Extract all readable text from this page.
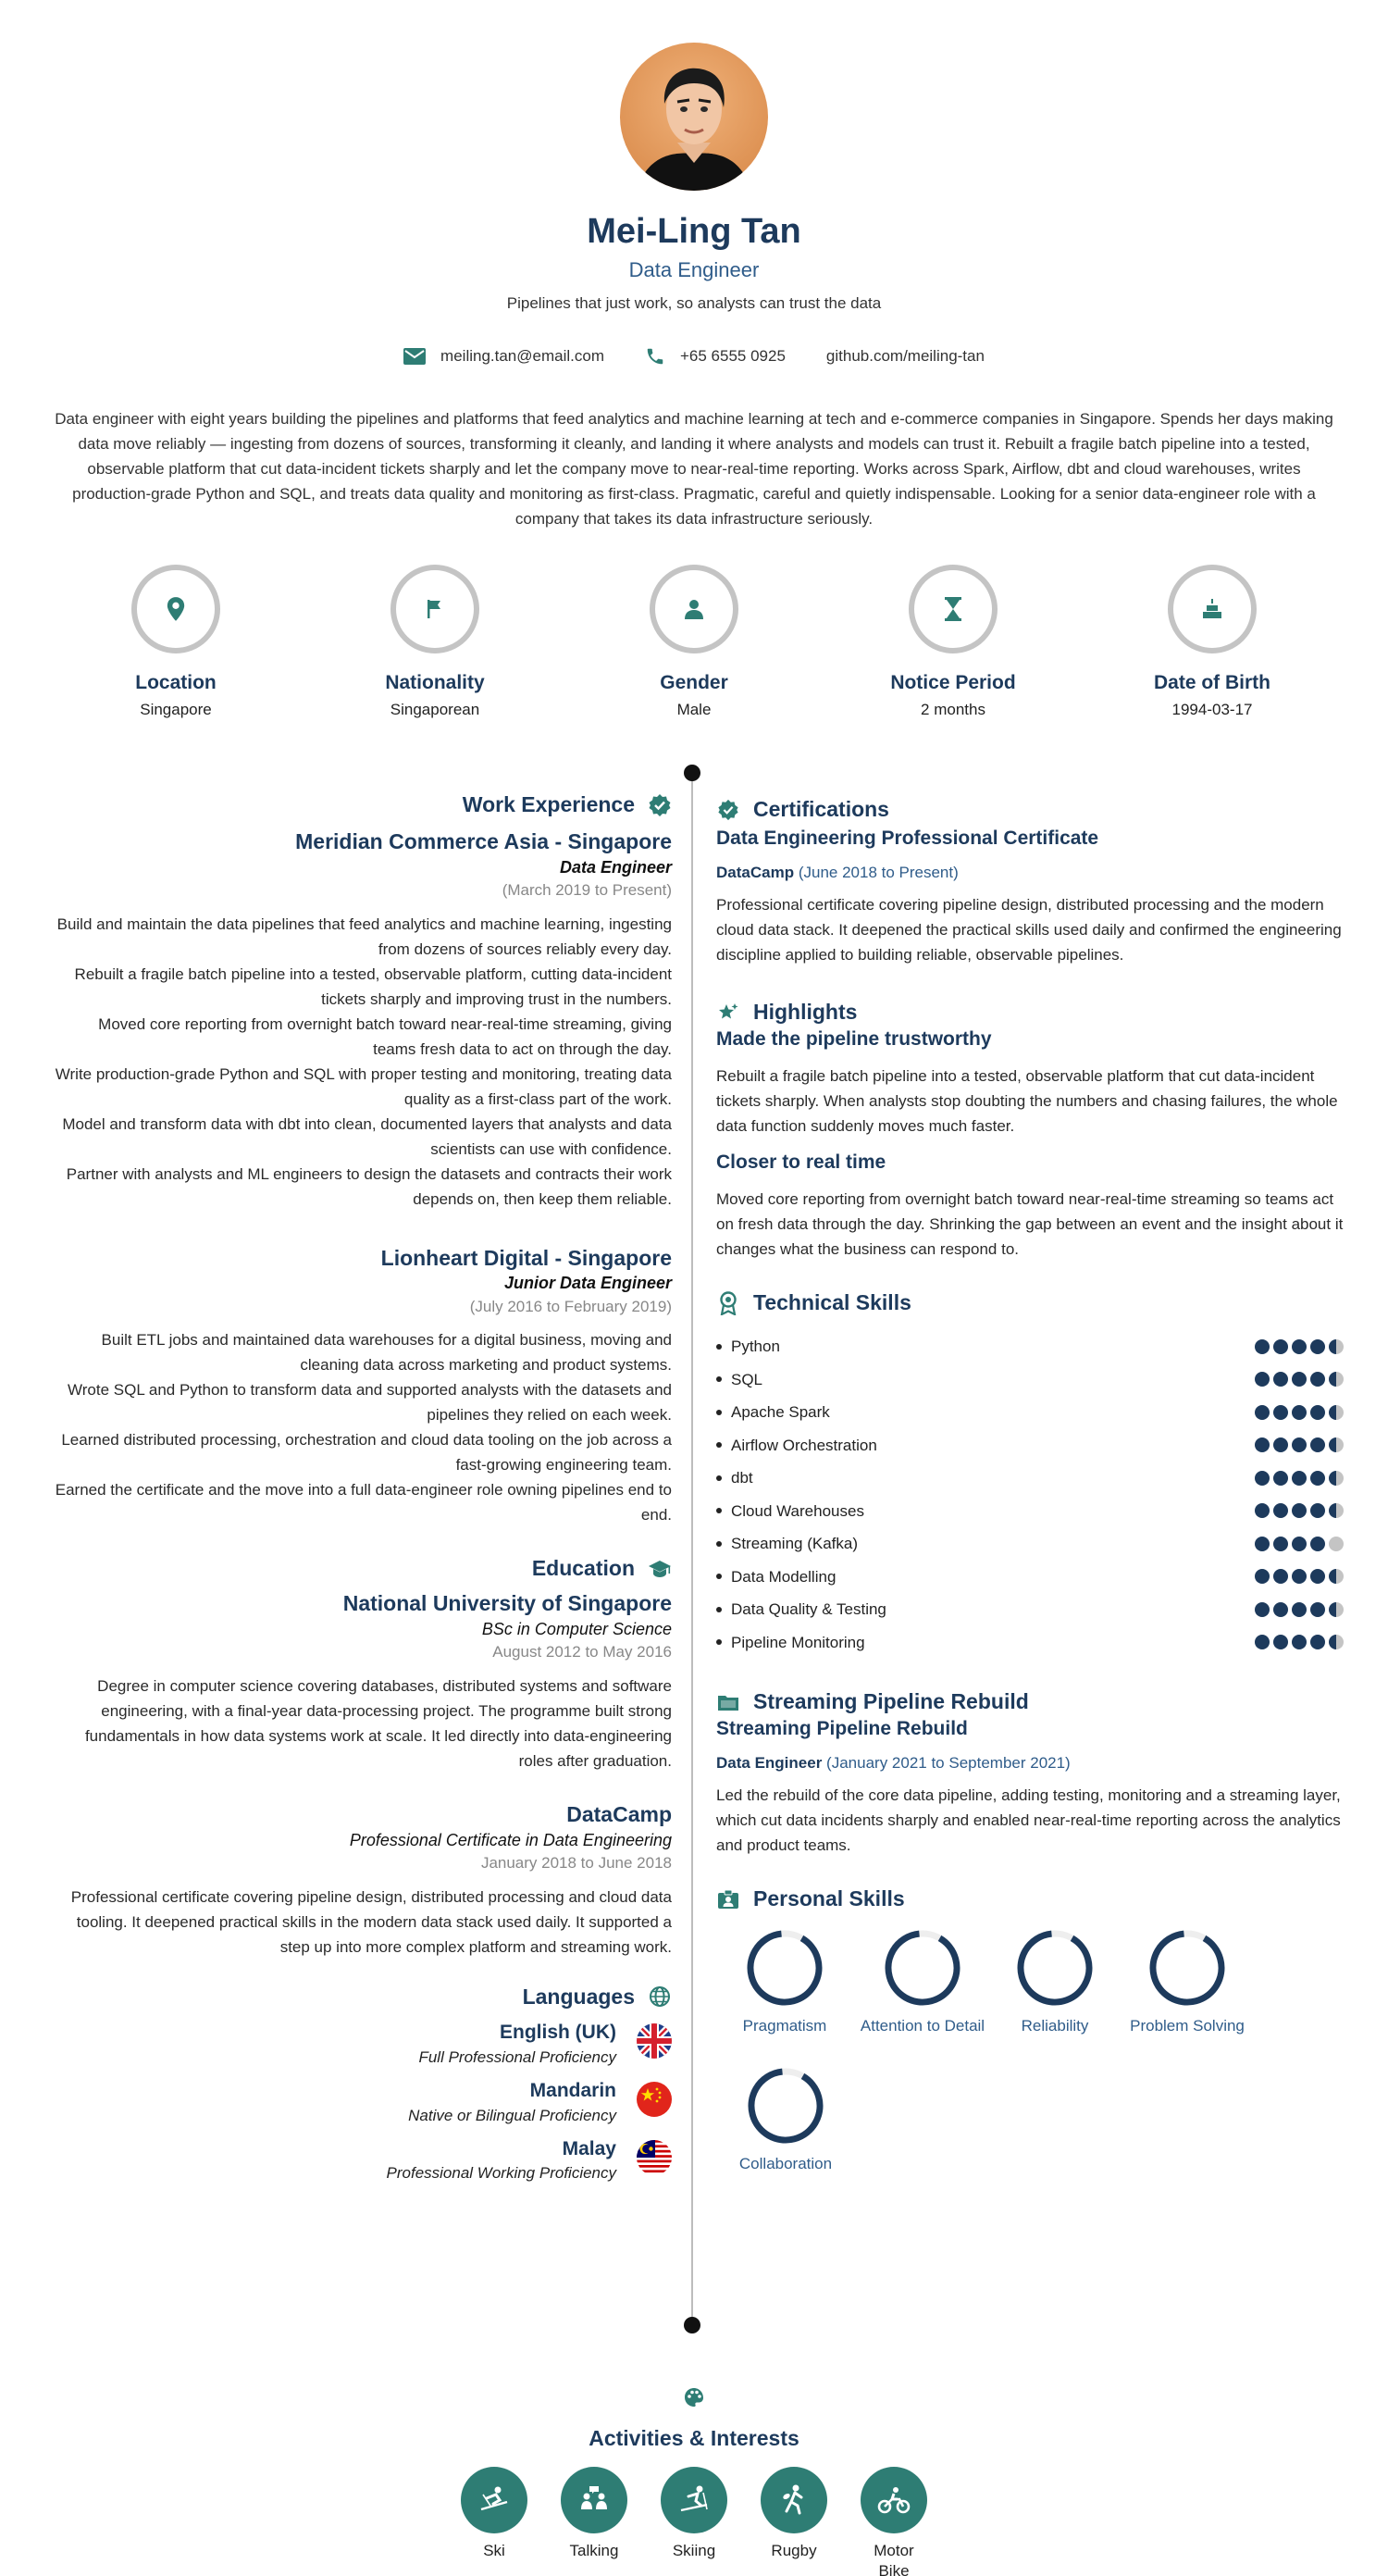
Mei-Ling Tan
Data Engineer
Pipelines that just work, so analysts can trust the data
meiling.tan@email.com	+65 6555 0925	github.com/meiling-tan

Data engineer with eight years building the pipelines and platforms that feed analytics and machine learning at tech and e-commerce companies in Singapore. Spends her days making data move reliably — ingesting from dozens of sources, transforming it cleanly, and landing it where analysts and models can trust it. Rebuilt a fragile batch pipeline into a tested, observable platform that cut data-incident tickets sharply and let the company move to near-real-time reporting. Works across Spark, Airflow, dbt and cloud warehouses, writes production-grade Python and SQL, and treats data quality and monitoring as first-class. Pragmatic, careful and quietly indispensable. Looking for a senior data-engineer role with a company that takes its data infrastructure seriously.

Location
Singapore
Nationality
Singaporean
Gender
Male
Notice Period
2 months
Date of Birth
1994-03-17
Work Experience
Meridian Commerce Asia - Singapore
Data Engineer
(March 2019 to Present)

Build and maintain the data pipelines that feed analytics and machine learning, ingesting from dozens of sources reliably every day.

Rebuilt a fragile batch pipeline into a tested, observable platform, cutting data-incident tickets sharply and improving trust in the numbers.

Moved core reporting from overnight batch toward near-real-time streaming, giving teams fresh data to act on through the day.

Write production-grade Python and SQL with proper testing and monitoring, treating data quality as a first-class part of the work.

Model and transform data with dbt into clean, documented layers that analysts and data scientists can use with confidence.

Partner with analysts and ML engineers to design the datasets and contracts their work depends on, then keep them reliable.

Lionheart Digital - Singapore
Junior Data Engineer
(July 2016 to February 2019)

Built ETL jobs and maintained data warehouses for a digital business, moving and cleaning data across marketing and product systems.

Wrote SQL and Python to transform data and supported analysts with the datasets and pipelines they relied on each week.

Learned distributed processing, orchestration and cloud data tooling on the job across a fast-growing engineering team.

Earned the certificate and the move into a full data-engineer role owning pipelines end to end.

Education
National University of Singapore
BSc in Computer Science
August 2012 to May 2016

Degree in computer science covering databases, distributed systems and software engineering, with a final-year data-processing project. The programme built strong fundamentals in how data systems work at scale. It led directly into data-engineering roles after graduation.

DataCamp
Professional Certificate in Data Engineering
January 2018 to June 2018

Professional certificate covering pipeline design, distributed processing and cloud data tooling. It deepened practical skills in the modern data stack used daily. It supported a step up into more complex platform and streaming work.

Languages
English (UK)
Full Professional Proficiency
Mandarin
Native or Bilingual Proficiency
Malay
Professional Working Proficiency
Certifications
Data Engineering Professional Certificate
DataCamp (June 2018 to Present)

Professional certificate covering pipeline design, distributed processing and the modern cloud data stack. It deepened the practical skills used daily and confirmed the engineering discipline applied to building reliable, observable pipelines.

Highlights
Made the pipeline trustworthy

Rebuilt a fragile batch pipeline into a tested, observable platform that cut data-incident tickets sharply. When analysts stop doubting the numbers and chasing failures, the whole data function suddenly moves much faster.

Closer to real time

Moved core reporting from overnight batch toward near-real-time streaming so teams act on fresh data through the day. Shrinking the gap between an event and the insight about it changes what the business can respond to.

Technical Skills
Python
SQL
Apache Spark
Airflow Orchestration
dbt
Cloud Warehouses
Streaming (Kafka)
Data Modelling
Data Quality & Testing
Pipeline Monitoring
Streaming Pipeline Rebuild
Streaming Pipeline Rebuild
Data Engineer (January 2021 to September 2021)

Led the rebuild of the core data pipeline, adding testing, monitoring and a streaming layer, which cut data incidents sharply and enabled near-real-time reporting across the analytics and product teams.

Personal Skills
Pragmatism	Attention to Detail	Reliability	Problem Solving
Collaboration
Activities & Interests
Ski	Talking	Skiing	Rugby	Motor Bike
